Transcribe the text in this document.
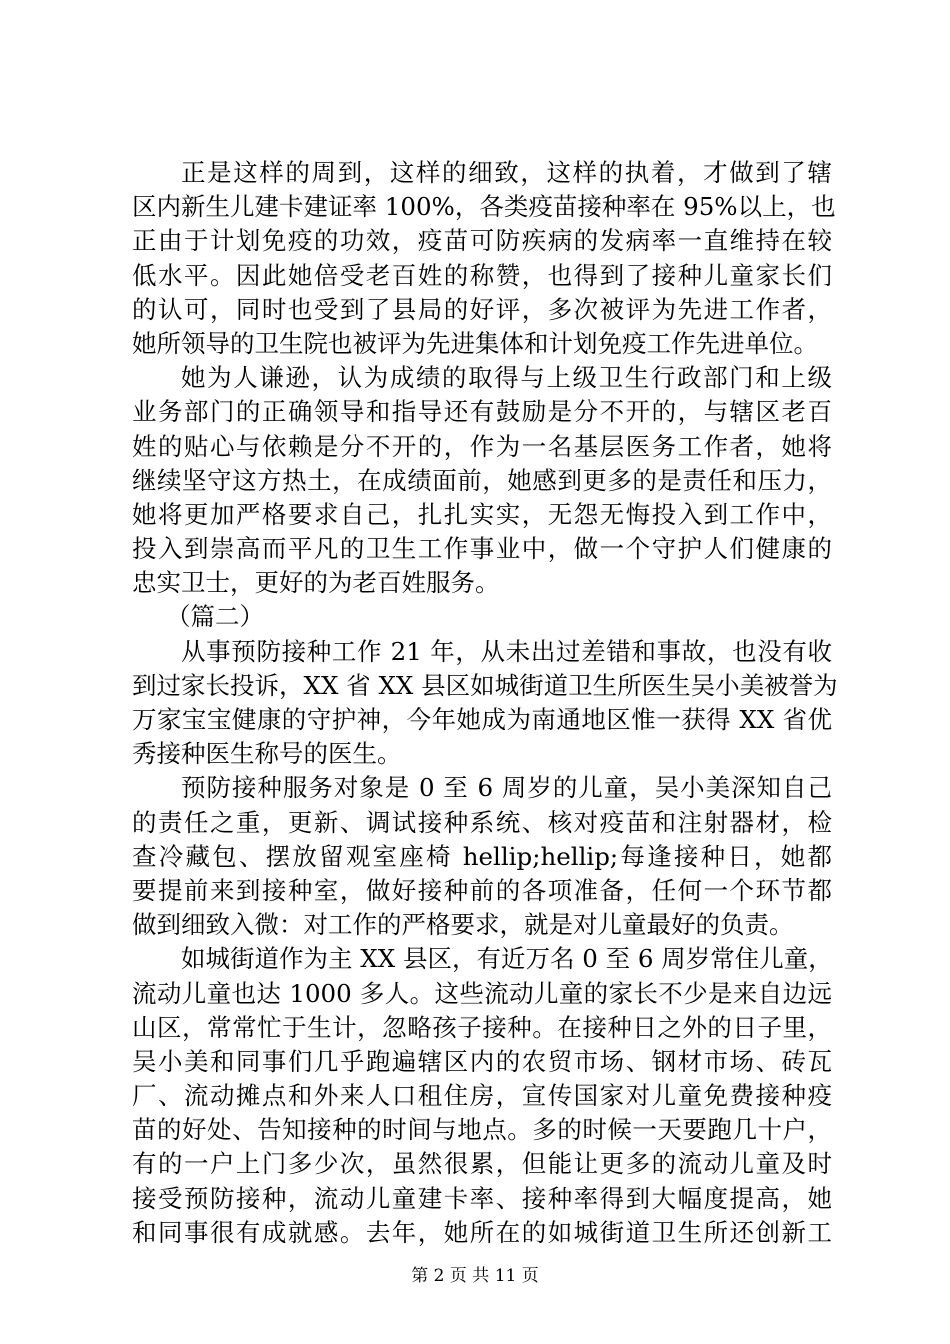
正是这样的周到，这样的细致，这样的执着，才做到了辖
区内新生儿建卡建证率 100%，各类疫苗接种率在 95%以上，也
正由于计划免疫的功效，疫苗可防疾病的发病率一直维持在较
低水平。因此她倍受老百姓的称赞，也得到了接种儿童家长们
的认可，同时也受到了县局的好评，多次被评为先进工作者，
她所领导的卫生院也被评为先进集体和计划免疫工作先进单位。
她为人谦逊，认为成绩的取得与上级卫生行政部门和上级
业务部门的正确领导和指导还有鼓励是分不开的，与辖区老百
姓的贴心与依赖是分不开的，作为一名基层医务工作者，她将
继续坚守这方热土，在成绩面前，她感到更多的是责任和压力，
她将更加严格要求自己，扎扎实实，无怨无悔投入到工作中，
投入到崇高而平凡的卫生工作事业中，做一个守护人们健康的
忠实卫士，更好的为老百姓服务。
（篇二）
从事预防接种工作 21 年，从未出过差错和事故，也没有收
到过家长投诉，XX 省 XX 县区如城街道卫生所医生吴小美被誉为
万家宝宝健康的守护神，今年她成为南通地区惟一获得 XX 省优
秀接种医生称号的医生。
预防接种服务对象是 0 至 6 周岁的儿童，吴小美深知自己
的责任之重，更新、调试接种系统、核对疫苗和注射器材，检
查冷藏包、摆放留观室座椅 hellip;hellip;每逢接种日，她都
要提前来到接种室，做好接种前的各项准备，任何一个环节都
做到细致入微：对工作的严格要求，就是对儿童最好的负责。
如城街道作为主 XX 县区，有近万名 0 至 6 周岁常住儿童，
流动儿童也达 1000 多人。这些流动儿童的家长不少是来自边远
山区，常常忙于生计，忽略孩子接种。在接种日之外的日子里，
吴小美和同事们几乎跑遍辖区内的农贸市场、钢材市场、砖瓦
厂、流动摊点和外来人口租住房，宣传国家对儿童免费接种疫
苗的好处、告知接种的时间与地点。多的时候一天要跑几十户，
有的一户上门多少次，虽然很累，但能让更多的流动儿童及时
接受预防接种，流动儿童建卡率、接种率得到大幅度提高，她
和同事很有成就感。去年，她所在的如城街道卫生所还创新工
第 2 页 共 11 页
